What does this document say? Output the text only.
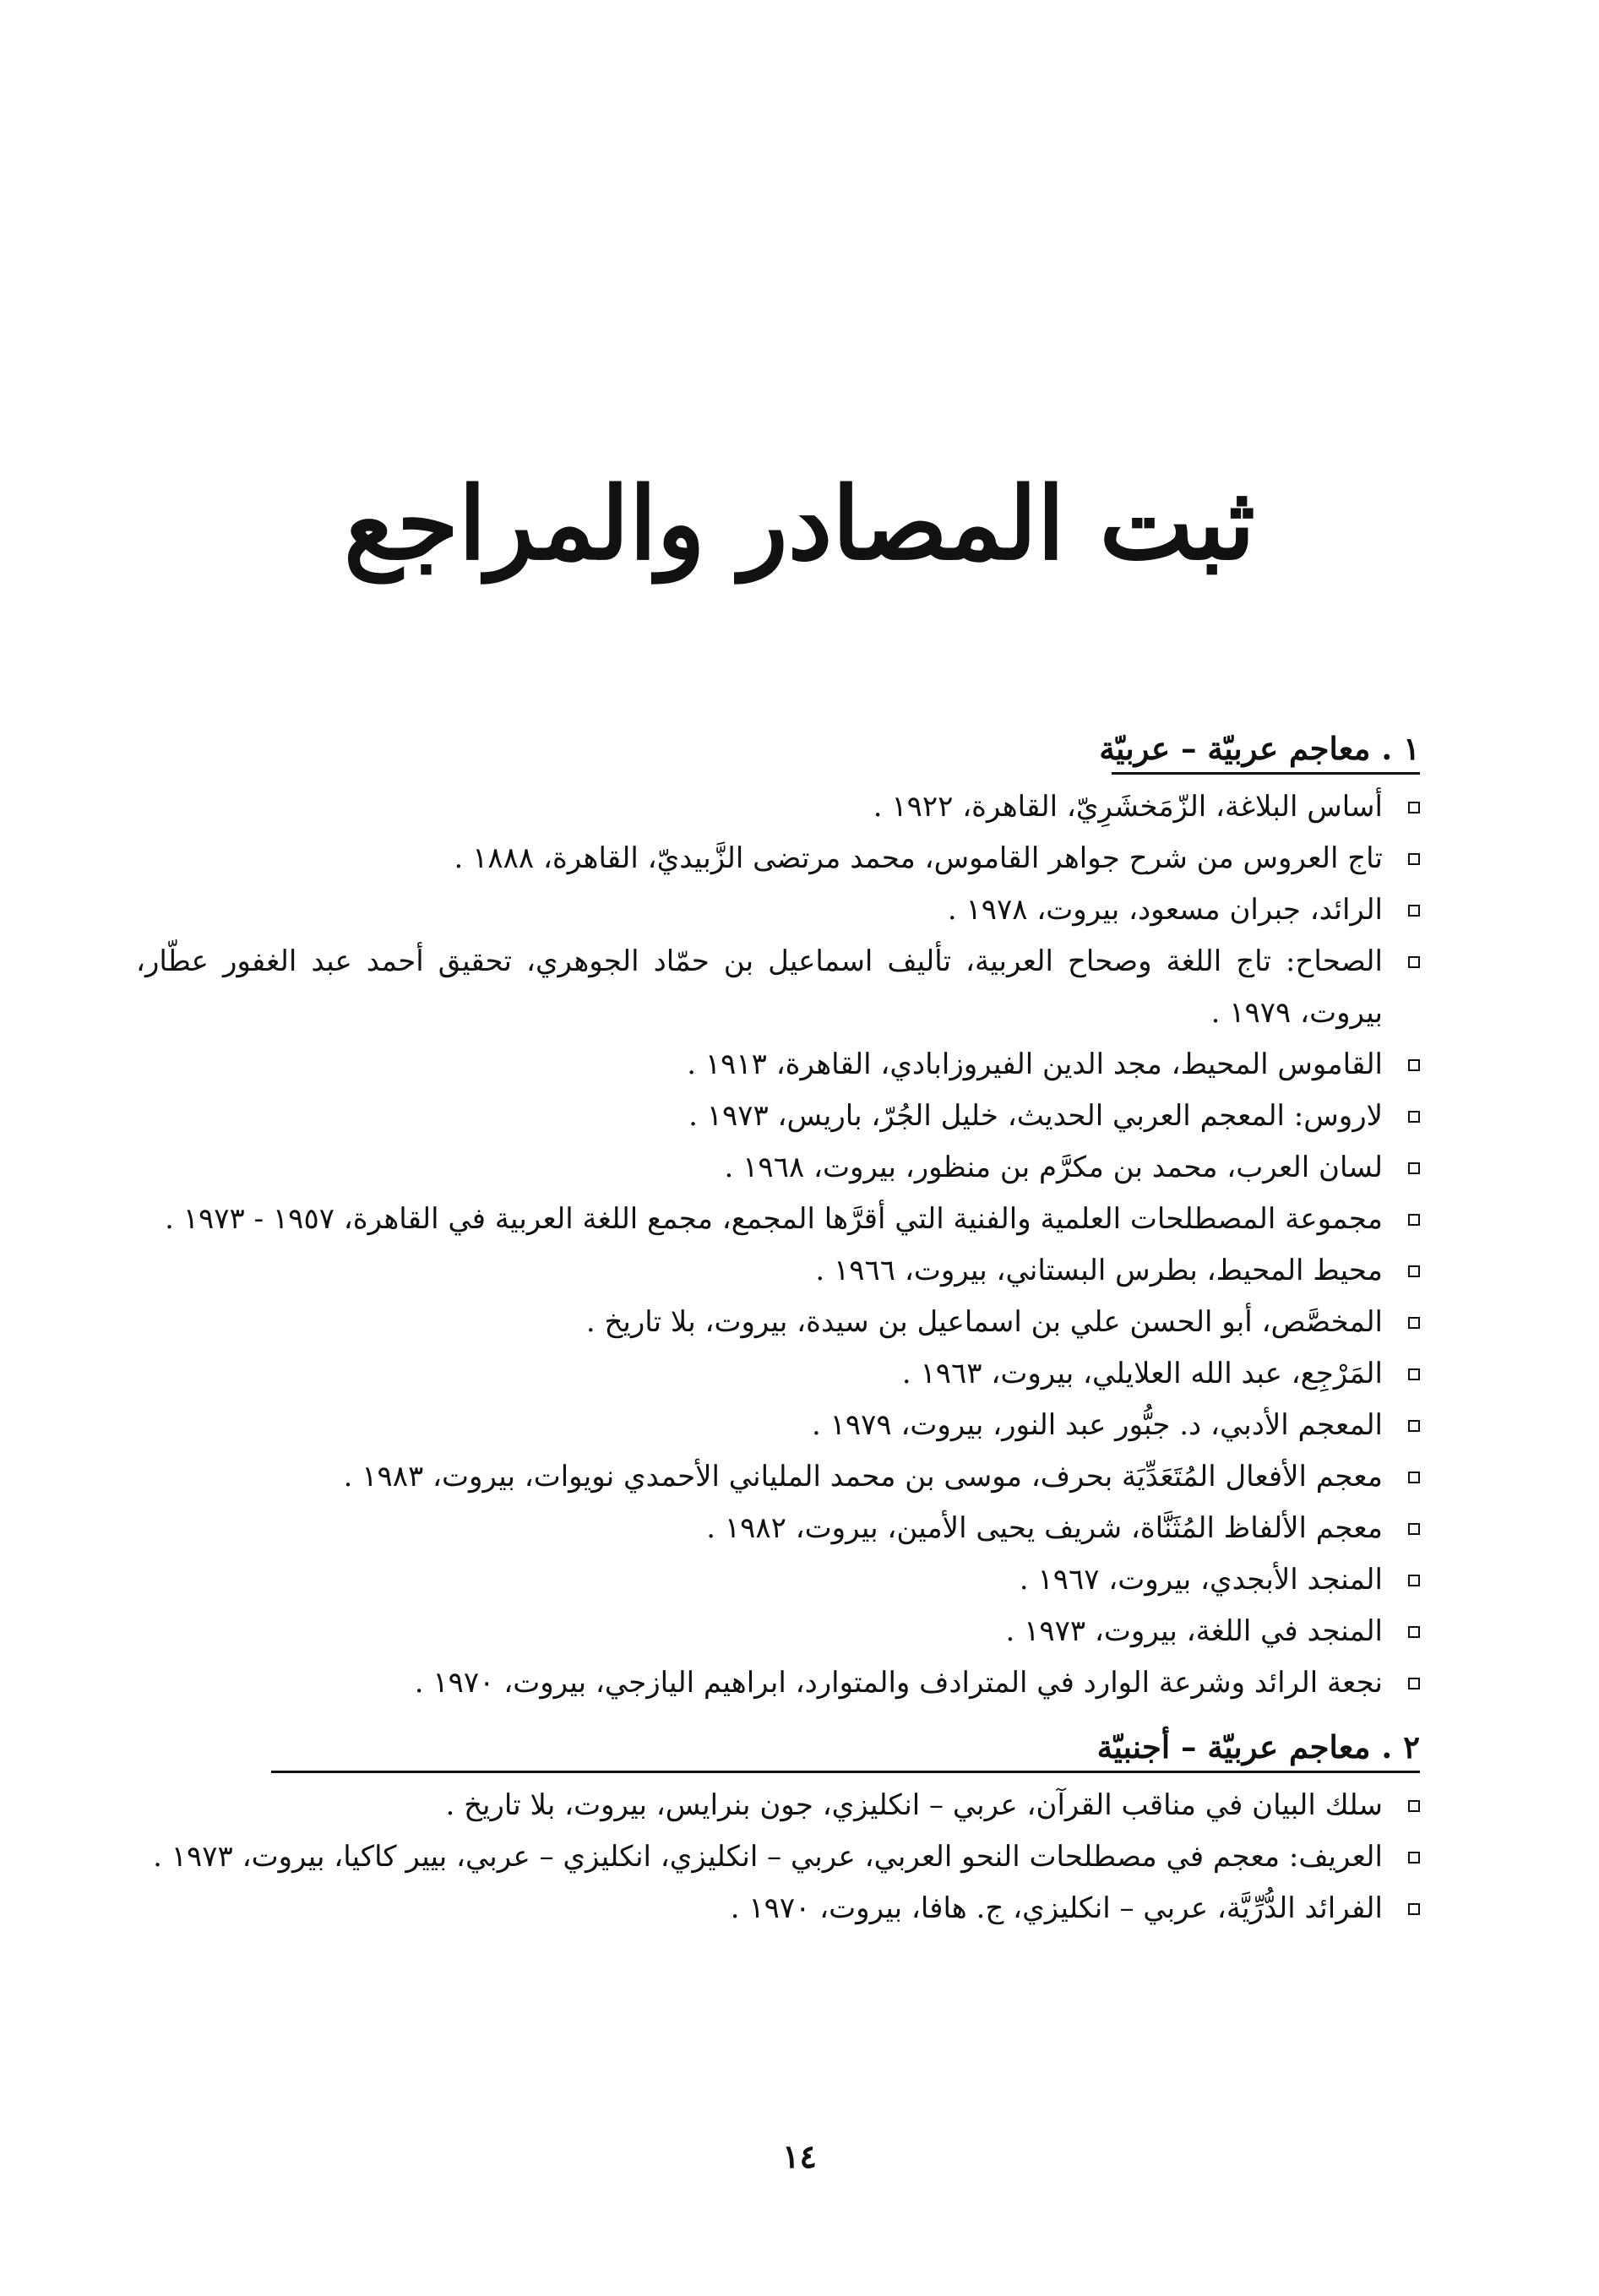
ثبت المصادر والمراجع
١ . معاجم عربيّة – عربيّة
أساس البلاغة، الزّمَخشَرِيّ، القاهرة، ١٩٢٢ .
تاج العروس من شرح جواهر القاموس، محمد مرتضى الزَّبيديّ، القاهرة، ١٨٨٨ .
الرائد، جبران مسعود، بيروت، ١٩٧٨ .
الصحاح: تاج اللغة وصحاح العربية، تأليف اسماعيل بن حمّاد الجوهري، تحقيق أحمد عبد الغفور عطّار، بيروت، ١٩٧٩ .
القاموس المحيط، مجد الدين الفيروزابادي، القاهرة، ١٩١٣ .
لاروس: المعجم العربي الحديث، خليل الجُرّ، باريس، ١٩٧٣ .
لسان العرب، محمد بن مكرَّم بن منظور، بيروت، ١٩٦٨ .
مجموعة المصطلحات العلمية والفنية التي أقرَّها المجمع، مجمع اللغة العربية في القاهرة، ١٩٥٧ - ١٩٧٣ .
محيط المحيط، بطرس البستاني، بيروت، ١٩٦٦ .
المخصَّص، أبو الحسن علي بن اسماعيل بن سيدة، بيروت، بلا تاريخ .
المَرْجِع، عبد الله العلايلي، بيروت، ١٩٦٣ .
المعجم الأدبي، د. جبُّور عبد النور، بيروت، ١٩٧٩ .
معجم الأفعال المُتَعَدِّيَة بحرف، موسى بن محمد الملياني الأحمدي نويوات، بيروت، ١٩٨٣ .
معجم الألفاظ المُثَنَّاة، شريف يحيى الأمين، بيروت، ١٩٨٢ .
المنجد الأبجدي، بيروت، ١٩٦٧ .
المنجد في اللغة، بيروت، ١٩٧٣ .
نجعة الرائد وشرعة الوارد في المترادف والمتوارد، ابراهيم اليازجي، بيروت، ١٩٧٠ .
٢ . معاجم عربيّة – أجنبيّة
سلك البيان في مناقب القرآن، عربي – انكليزي، جون بنرايس، بيروت، بلا تاريخ .
العريف: معجم في مصطلحات النحو العربي، عربي – انكليزي، انكليزي – عربي، بيير كاكيا، بيروت، ١٩٧٣ .
الفرائد الدُّرِّيَّة، عربي – انكليزي، ج. هافا، بيروت، ١٩٧٠ .
١٤
